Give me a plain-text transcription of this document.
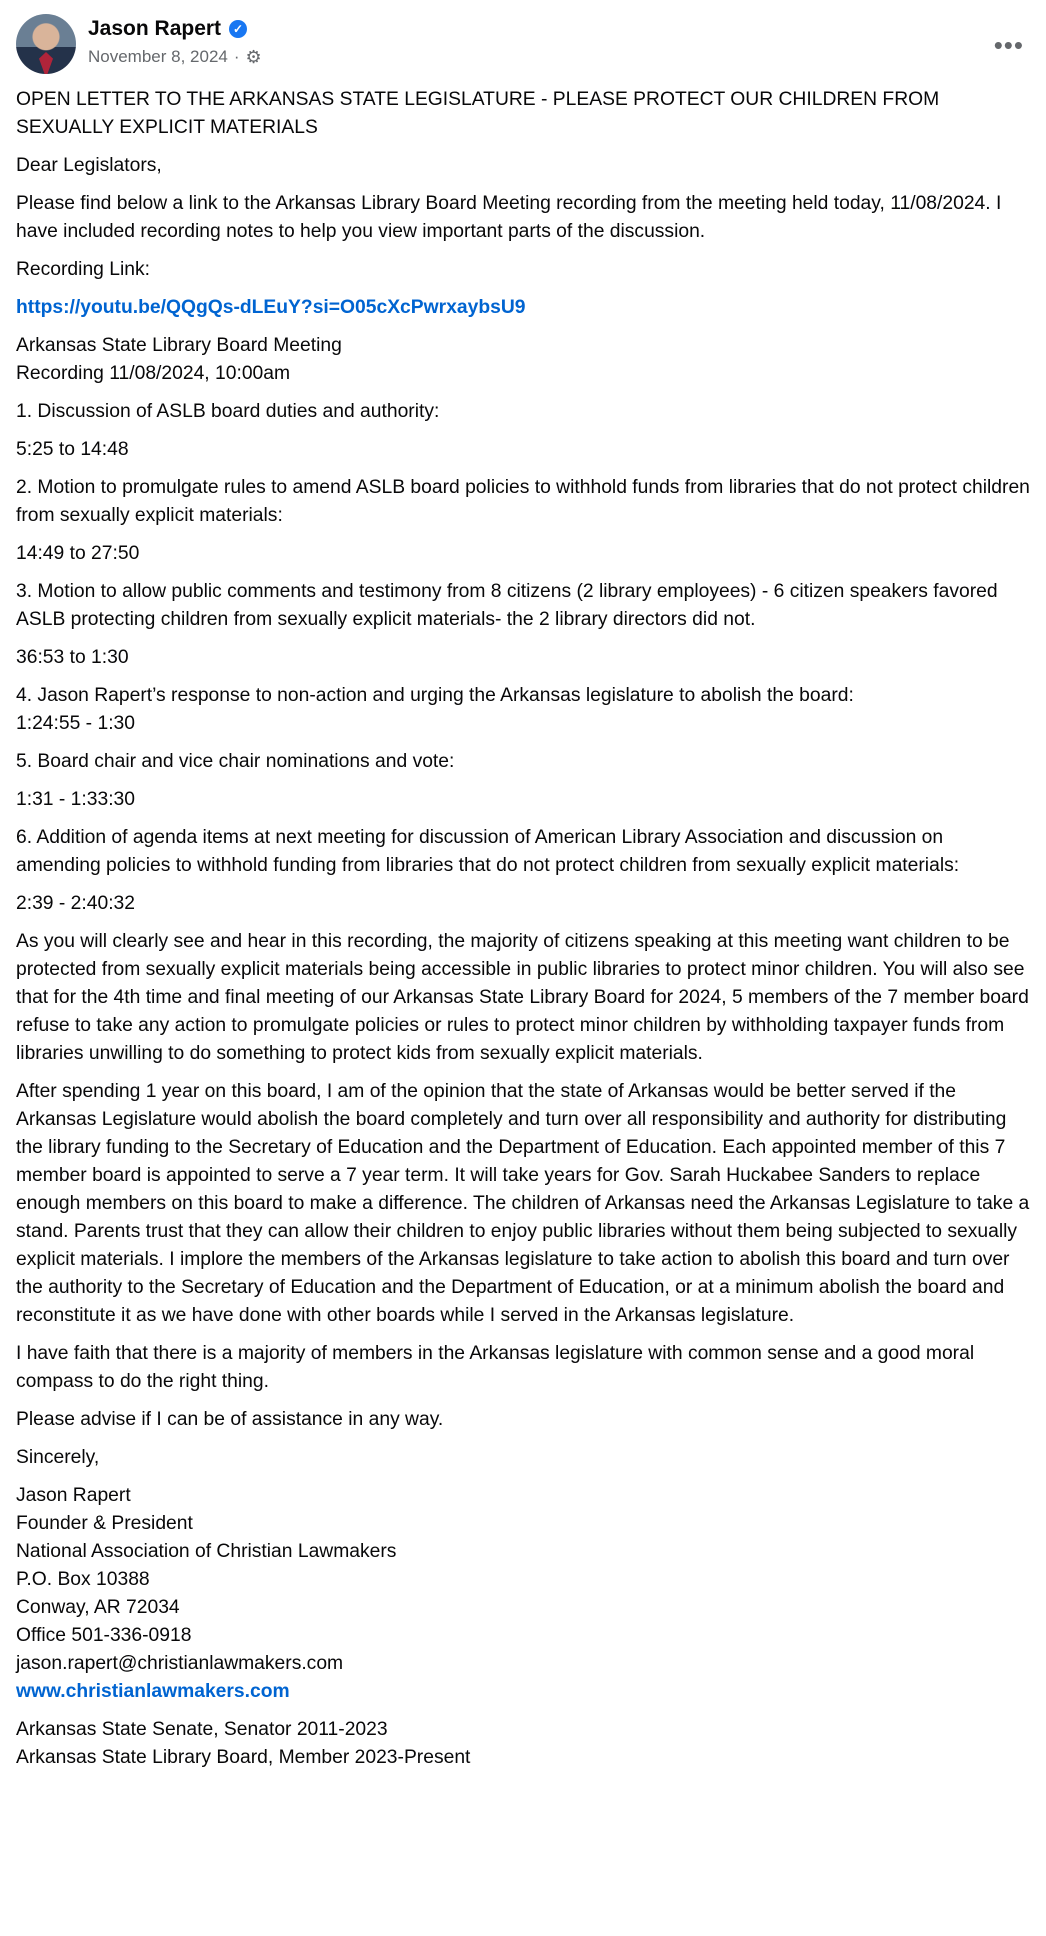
Jason Rapert ✓
November 8, 2024 · ⚙	•••

OPEN LETTER TO THE ARKANSAS STATE LEGISLATURE - PLEASE PROTECT OUR CHILDREN FROM SEXUALLY EXPLICIT MATERIALS

Dear Legislators,

Please find below a link to the Arkansas Library Board Meeting recording from the meeting held today, 11/08/2024. I have included recording notes to help you view important parts of the discussion.

Recording Link:

https://youtu.be/QQgQs-dLEuY?si=O05cXcPwrxaybsU9

Arkansas State Library Board Meeting
Recording 11/08/2024, 10:00am

1. Discussion of ASLB board duties and authority:

5:25 to 14:48

2. Motion to promulgate rules to amend ASLB board policies to withhold funds from libraries that do not protect children from sexually explicit materials:

14:49 to 27:50

3. Motion to allow public comments and testimony from 8 citizens (2 library employees) - 6 citizen speakers favored ASLB protecting children from sexually explicit materials- the 2 library directors did not.

36:53 to 1:30

4. Jason Rapert’s response to non-action and urging the Arkansas legislature to abolish the board:
1:24:55 - 1:30

5. Board chair and vice chair nominations and vote:

1:31 - 1:33:30

6. Addition of agenda items at next meeting for discussion of American Library Association and discussion on amending policies to withhold funding from libraries that do not protect children from sexually explicit materials:

2:39 - 2:40:32

As you will clearly see and hear in this recording, the majority of citizens speaking at this meeting want children to be protected from sexually explicit materials being accessible in public libraries to protect minor children. You will also see that for the 4th time and final meeting of our Arkansas State Library Board for 2024, 5 members of the 7 member board refuse to take any action to promulgate policies or rules to protect minor children by withholding taxpayer funds from libraries unwilling to do something to protect kids from sexually explicit materials.

After spending 1 year on this board, I am of the opinion that the state of Arkansas would be better served if the Arkansas Legislature would abolish the board completely and turn over all responsibility and authority for distributing the library funding to the Secretary of Education and the Department of Education. Each appointed member of this 7 member board is appointed to serve a 7 year term. It will take years for Gov. Sarah Huckabee Sanders to replace enough members on this board to make a difference. The children of Arkansas need the Arkansas Legislature to take a stand. Parents trust that they can allow their children to enjoy public libraries without them being subjected to sexually explicit materials. I implore the members of the Arkansas legislature to take action to abolish this board and turn over the authority to the Secretary of Education and the Department of Education, or at a minimum abolish the board and reconstitute it as we have done with other boards while I served in the Arkansas legislature.

I have faith that there is a majority of members in the Arkansas legislature with common sense and a good moral compass to do the right thing.

Please advise if I can be of assistance in any way.

Sincerely,

Jason Rapert
Founder & President
National Association of Christian Lawmakers
P.O. Box 10388
Conway, AR 72034
Office 501-336-0918
jason.rapert@christianlawmakers.com

www.christianlawmakers.com

Arkansas State Senate, Senator 2011-2023
Arkansas State Library Board, Member 2023-Present
